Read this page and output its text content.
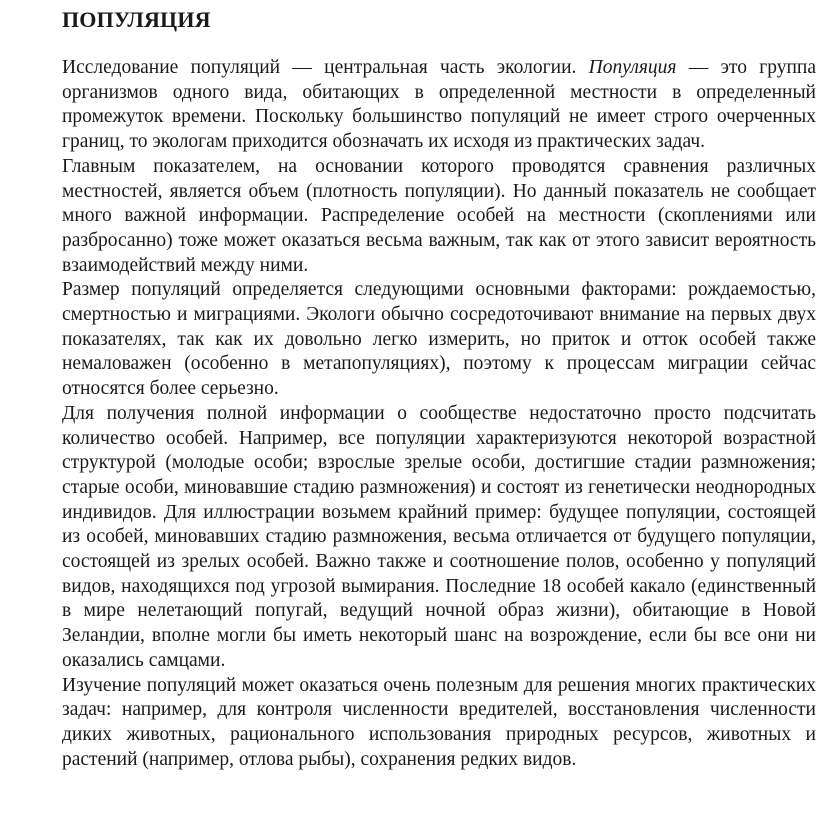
ПОПУЛЯЦИЯ

Исследование популяций — центральная часть экологии. Популяция — это группа организмов одного вида, обитающих в определенной местности в определенный промежуток времени. Поскольку большинство популяций не имеет строго очерченных границ, то экологам приходится обозначать их исходя из практических задач.

Главным показателем, на основании которого проводятся сравнения различных местностей, является объем (плотность популяции). Но данный показатель не сообщает много важной информации. Распределение особей на местности (скоплениями или разбросанно) тоже может оказаться весьма важным, так как от этого зависит вероятность взаимодействий между ними.

Размер популяций определяется следующими основными факторами: рождаемостью, смертностью и миграциями. Экологи обычно сосредоточивают внимание на первых двух показателях, так как их довольно легко измерить, но приток и отток особей также немаловажен (особенно в метапопуляциях), поэтому к процессам миграции сейчас относятся более серьезно.

Для получения полной информации о сообществе недостаточно просто подсчитать количество особей. Например, все популяции характеризуются некоторой возрастной структурой (молодые особи; взрослые зрелые особи, достигшие стадии размножения; старые особи, миновавшие стадию размножения) и состоят из генетически неоднородных индивидов. Для иллюстрации возьмем крайний пример: будущее популяции, состоящей из особей, миновавших стадию размножения, весьма отличается от будущего популяции, состоящей из зрелых особей. Важно также и соотношение полов, особенно у популяций видов, находящихся под угрозой вымирания. Последние 18 особей какало (единственный в мире нелетающий попугай, ведущий ночной образ жизни), обитающие в Новой Зеландии, вполне могли бы иметь некоторый шанс на возрождение, если бы все они ни оказались самцами.

Изучение популяций может оказаться очень полезным для решения многих практических задач: например, для контроля численности вредителей, восстановления численности диких животных, рационального использования природных ресурсов, животных и растений (например, отлова рыбы), сохранения редких видов.
